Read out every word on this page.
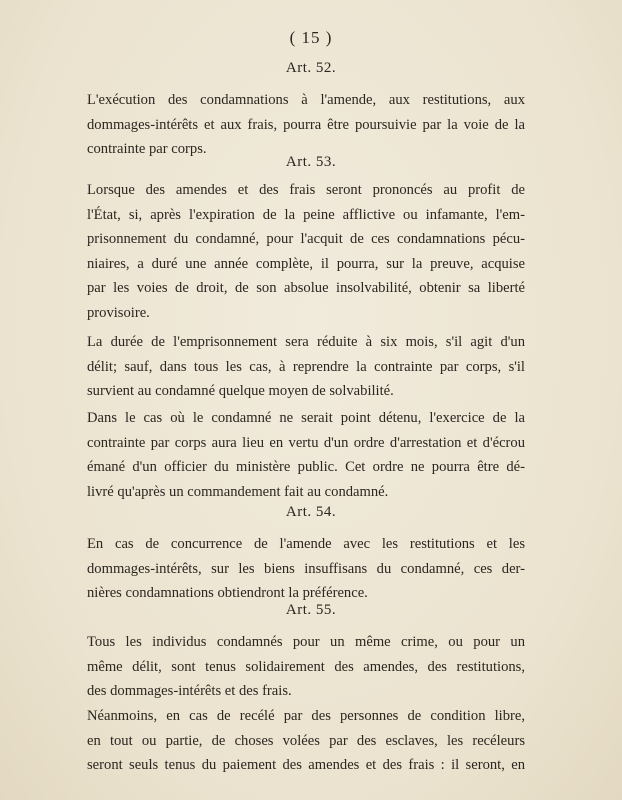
( 15 )
Art. 52.
L'exécution des condamnations à l'amende, aux restitutions, aux
dommages-intérêts et aux frais, pourra être poursuivie par la voie de la
contrainte par corps.
Art. 53.
Lorsque des amendes et des frais seront prononcés au profit de
l'État, si, après l'expiration de la peine afflictive ou infamante, l'em-
prisonnement du condamné, pour l'acquit de ces condamnations pécu-
niaires, a duré une année complète, il pourra, sur la preuve, acquise
par les voies de droit, de son absolue insolvabilité, obtenir sa liberté
provisoire.
La durée de l'emprisonnement sera réduite à six mois, s'il agit d'un
délit; sauf, dans tous les cas, à reprendre la contrainte par corps, s'il
survient au condamné quelque moyen de solvabilité.
Dans le cas où le condamné ne serait point détenu, l'exercice de la
contrainte par corps aura lieu en vertu d'un ordre d'arrestation et d'écrou
émané d'un officier du ministère public. Cet ordre ne pourra être dé-
livré qu'après un commandement fait au condamné.
Art. 54.
En cas de concurrence de l'amende avec les restitutions et les
dommages-intérêts, sur les biens insuffisans du condamné, ces der-
nières condamnations obtiendront la préférence.
Art. 55.
Tous les individus condamnés pour un même crime, ou pour un
même délit, sont tenus solidairement des amendes, des restitutions,
des dommages-intérêts et des frais.
Néanmoins, en cas de recélé par des personnes de condition libre,
en tout ou partie, de choses volées par des esclaves, les recéleurs
seront seuls tenus du paiement des amendes et des frais : il seront, en
